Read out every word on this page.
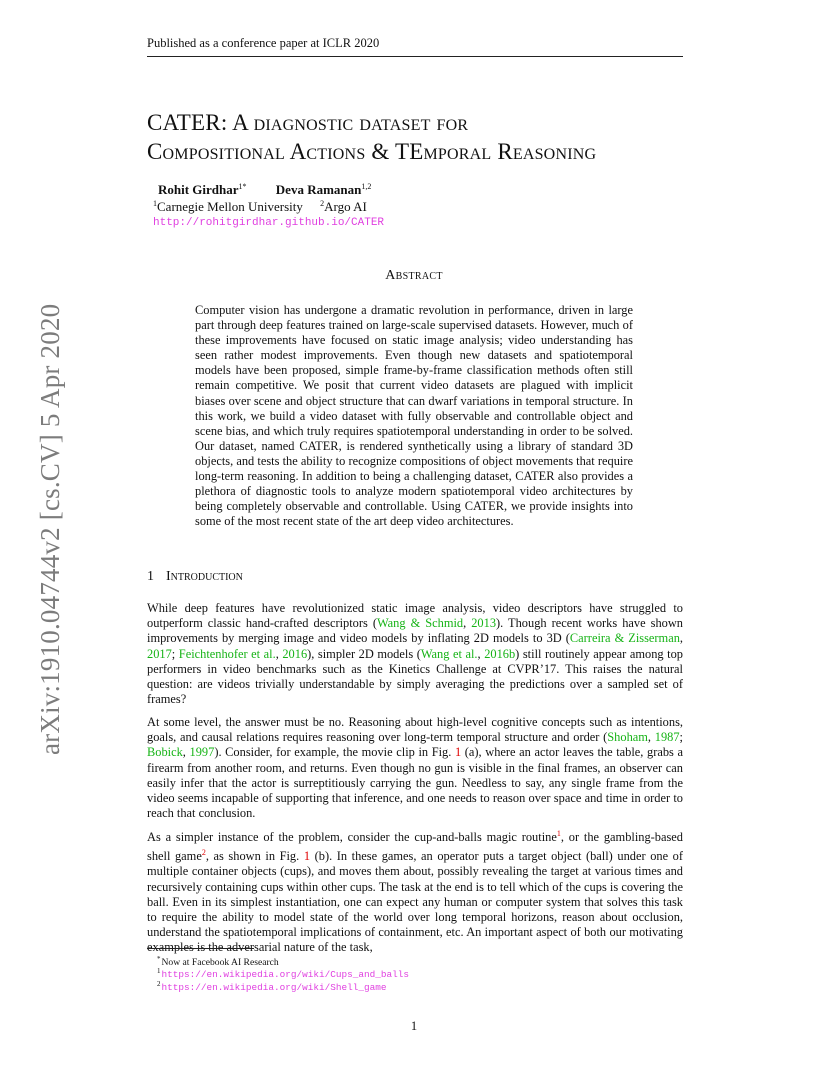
Published as a conference paper at ICLR 2020
arXiv:1910.04744v2 [cs.CV] 5 Apr 2020
CATER: A diagnostic dataset for
Compositional Actions & TEmporal Reasoning
Rohit Girdhar$^{1*}$ Deva Ramanan$^{1,2}$
$^1$Carnegie Mellon University $^2$Argo AI
http://rohitgirdhar.github.io/CATER
Abstract

Computer vision has undergone a dramatic revolution in performance, driven in large part through deep features trained on large-scale supervised datasets. However, much of these improvements have focused on static image analysis; video understanding has seen rather modest improvements. Even though new datasets and spatiotemporal models have been proposed, simple frame-by-frame classification methods often still remain competitive. We posit that current video datasets are plagued with implicit biases over scene and object structure that can dwarf variations in temporal structure. In this work, we build a video dataset with fully observable and controllable object and scene bias, and which truly requires spatiotemporal understanding in order to be solved. Our dataset, named CATER, is rendered synthetically using a library of standard 3D objects, and tests the ability to recognize compositions of object movements that require long-term reasoning. In addition to being a challenging dataset, CATER also provides a plethora of diagnostic tools to analyze modern spatiotemporal video architectures by being completely observable and controllable. Using CATER, we provide insights into some of the most recent state of the art deep video architectures.

1 Introduction

While deep features have revolutionized static image analysis, video descriptors have struggled to outperform classic hand-crafted descriptors (Wang & Schmid, 2013). Though recent works have shown improvements by merging image and video models by inflating 2D models to 3D (Carreira & Zisserman, 2017; Feichtenhofer et al., 2016), simpler 2D models (Wang et al., 2016b) still routinely appear among top performers in video benchmarks such as the Kinetics Challenge at CVPR’17. This raises the natural question: are videos trivially understandable by simply averaging the predictions over a sampled set of frames?

At some level, the answer must be no. Reasoning about high-level cognitive concepts such as intentions, goals, and causal relations requires reasoning over long-term temporal structure and order (Shoham, 1987; Bobick, 1997). Consider, for example, the movie clip in Fig. 1 (a), where an actor leaves the table, grabs a firearm from another room, and returns. Even though no gun is visible in the final frames, an observer can easily infer that the actor is surreptitiously carrying the gun. Needless to say, any single frame from the video seems incapable of supporting that inference, and one needs to reason over space and time in order to reach that conclusion.

As a simpler instance of the problem, consider the cup-and-balls magic routine$^1$, or the gambling-based shell game$^2$, as shown in Fig. 1 (b). In these games, an operator puts a target object (ball) under one of multiple container objects (cups), and moves them about, possibly revealing the target at various times and recursively containing cups within other cups. The task at the end is to tell which of the cups is covering the ball. Even in its simplest instantiation, one can expect any human or computer system that solves this task to require the ability to model state of the world over long temporal horizons, reason about occlusion, understand the spatiotemporal implications of containment, etc. An important aspect of both our motivating examples is the adversarial nature of the task,

*Now at Facebook AI Research
$^1$https://en.wikipedia.org/wiki/Cups_and_balls
$^2$https://en.wikipedia.org/wiki/Shell_game
1
